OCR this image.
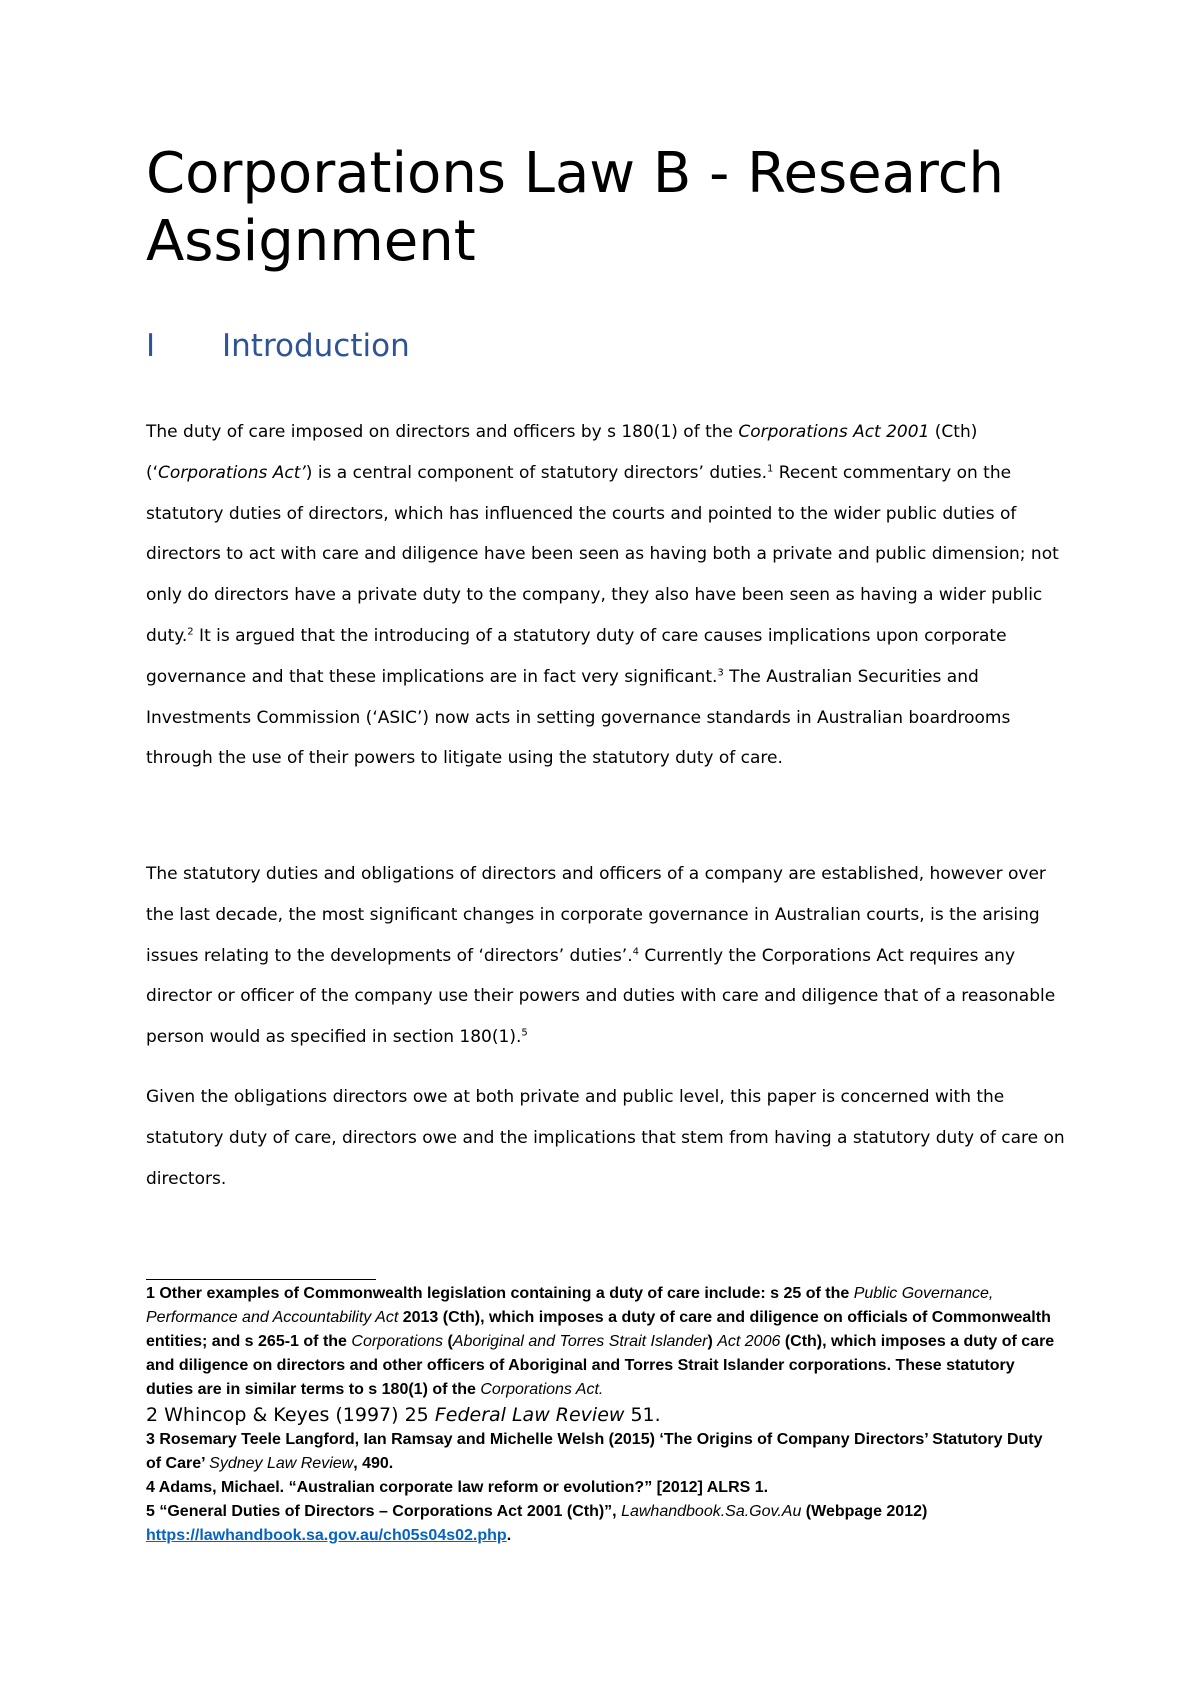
Corporations Law B - Research Assignment
I Introduction

The duty of care imposed on directors and officers by s 180(1) of the Corporations Act 2001 (Cth) (‘Corporations Act’) is a central component of statutory directors’ duties.$^1$ Recent commentary on the statutory duties of directors, which has influenced the courts and pointed to the wider public duties of directors to act with care and diligence have been seen as having both a private and public dimension; not only do directors have a private duty to the company, they also have been seen as having a wider public duty.$^2$ It is argued that the introducing of a statutory duty of care causes implications upon corporate governance and that these implications are in fact very significant.$^3$ The Australian Securities and Investments Commission (‘ASIC’) now acts in setting governance standards in Australian boardrooms through the use of their powers to litigate using the statutory duty of care.

The statutory duties and obligations of directors and officers of a company are established, however over the last decade, the most significant changes in corporate governance in Australian courts, is the arising issues relating to the developments of ‘directors’ duties’.$^4$ Currently the Corporations Act requires any director or officer of the company use their powers and duties with care and diligence that of a reasonable person would as specified in section 180(1).$^5$

Given the obligations directors owe at both private and public level, this paper is concerned with the statutory duty of care, directors owe and the implications that stem from having a statutory duty of care on directors.

1 Other examples of Commonwealth legislation containing a duty of care include: s 25 of the Public Governance, Performance and Accountability Act 2013 (Cth), which imposes a duty of care and diligence on officials of Commonwealth entities; and s 265-1 of the Corporations (Aboriginal and Torres Strait Islander) Act 2006 (Cth), which imposes a duty of care and diligence on directors and other officers of Aboriginal and Torres Strait Islander corporations. These statutory duties are in similar terms to s 180(1) of the Corporations Act.

2 Whincop & Keyes (1997) 25 Federal Law Review 51.

3 Rosemary Teele Langford, Ian Ramsay and Michelle Welsh (2015) ‘The Origins of Company Directors’ Statutory Duty of Care’ Sydney Law Review, 490.

4 Adams, Michael. “Australian corporate law reform or evolution?” [2012] ALRS 1.

5 “General Duties of Directors – Corporations Act 2001 (Cth)”, Lawhandbook.Sa.Gov.Au (Webpage 2012) https://lawhandbook.sa.gov.au/ch05s04s02.php.
